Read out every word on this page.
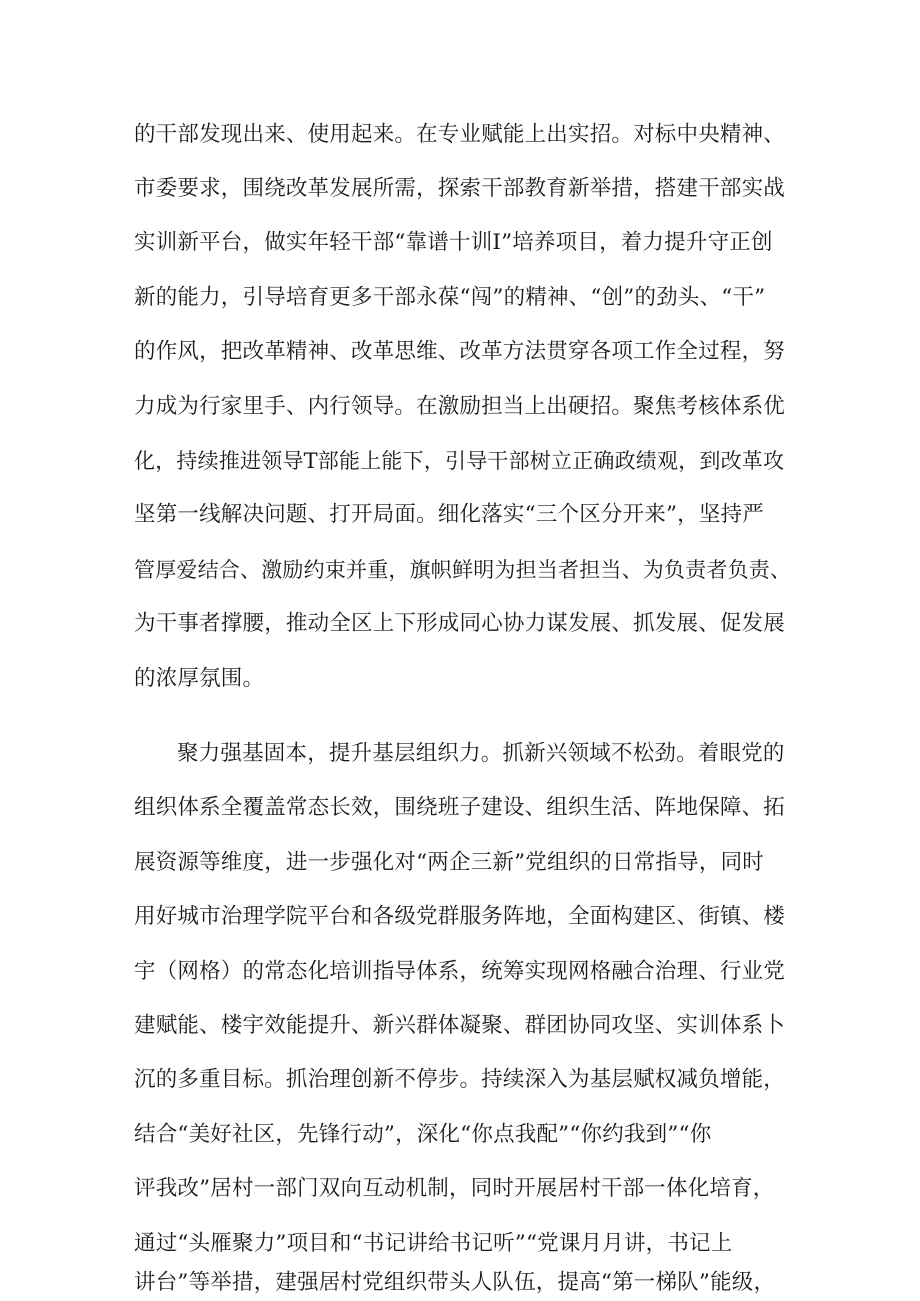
的干部发现出来、使用起来。在专业赋能上出实招。对标中央精神、
市委要求，围绕改革发展所需，探索干部教育新举措，搭建干部实战
实训新平台，做实年轻干部“靠谱十训I”培养项目，着力提升守正创
新的能力，引导培育更多干部永葆“闯”的精神、“创”的劲头、“干”
的作风，把改革精神、改革思维、改革方法贯穿各项工作全过程，努
力成为行家里手、内行领导。在激励担当上出硬招。聚焦考核体系优
化，持续推进领导T部能上能下，引导干部树立正确政绩观，到改革攻
坚第一线解决问题、打开局面。细化落实“三个区分开来”，坚持严
管厚爱结合、激励约束并重，旗帜鲜明为担当者担当、为负责者负责、
为干事者撑腰，推动全区上下形成同心协力谋发展、抓发展、促发展
的浓厚氛围。
聚力强基固本，提升基层组织力。抓新兴领域不松劲。着眼党的
组织体系全覆盖常态长效，围绕班子建设、组织生活、阵地保障、拓
展资源等维度，进一步强化对“两企三新”党组织的日常指导，同时
用好城市治理学院平台和各级党群服务阵地，全面构建区、街镇、楼
宇（网格）的常态化培训指导体系，统筹实现网格融合治理、行业党
建赋能、楼宇效能提升、新兴群体凝聚、群团协同攻坚、实训体系卜
沉的多重目标。抓治理创新不停步。持续深入为基层赋权减负增能，
结合“美好社区，先锋行动”，深化“你点我配”“你约我到”“你
评我改”居村一部门双向互动机制，同时开展居村干部一体化培育，
通过“头雁聚力”项目和“书记讲给书记听”“党课月月讲，书记上
讲台”等举措，建强居村党组织带头人队伍，提高“第一梯队”能级，
